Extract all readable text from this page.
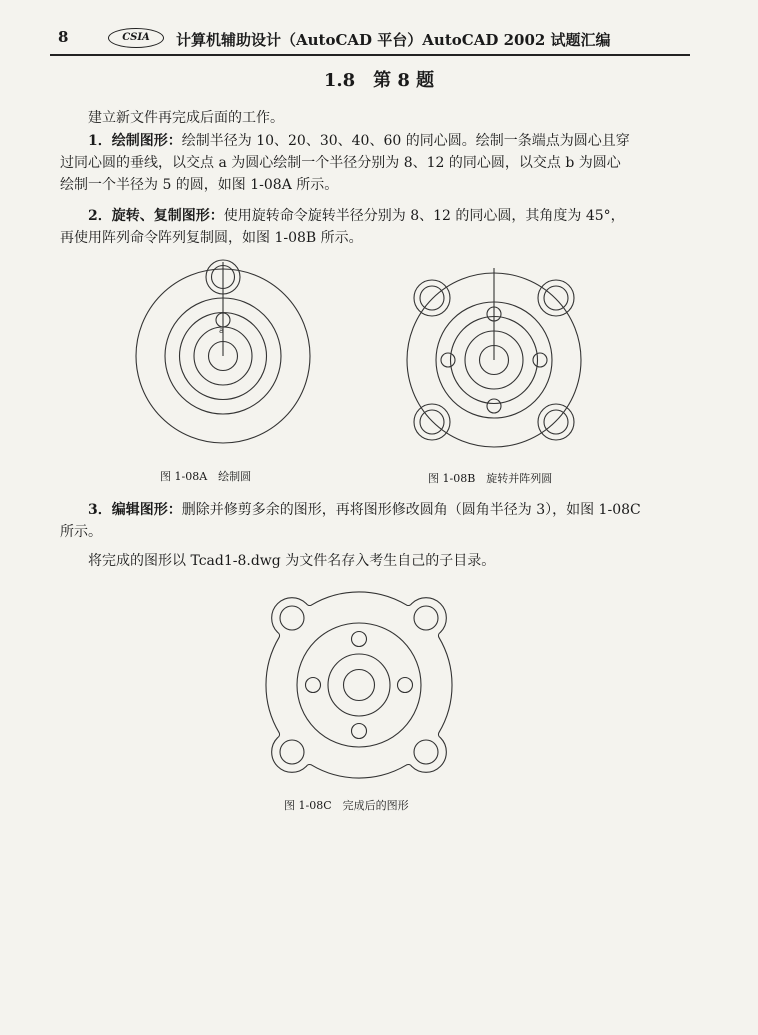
8	CSIA	计算机辅助设计（AutoCAD 平台）AutoCAD 2002 试题汇编
1.8　第 8 题
建立新文件再完成后面的工作。
1．绘制图形：绘制半径为 10、20、30、40、60 的同心圆。绘制一条端点为圆心且穿
过同心圆的垂线，以交点 a 为圆心绘制一个半径分别为 8、12 的同心圆，以交点 b 为圆心
绘制一个半径为 5 的圆，如图 1-08A 所示。
2．旋转、复制图形：使用旋转命令旋转半径分别为 8、12 的同心圆，其角度为 45°，
再使用阵列命令阵列复制圆，如图 1-08B 所示。
a
图 1-08A　绘制圆	图 1-08B　旋转并阵列圆
3．编辑图形：删除并修剪多余的图形，再将图形修改圆角（圆角半径为 3），如图 1-08C
所示。
将完成的图形以 Tcad1-8.dwg 为文件名存入考生自己的子目录。
图 1-08C　完成后的图形
